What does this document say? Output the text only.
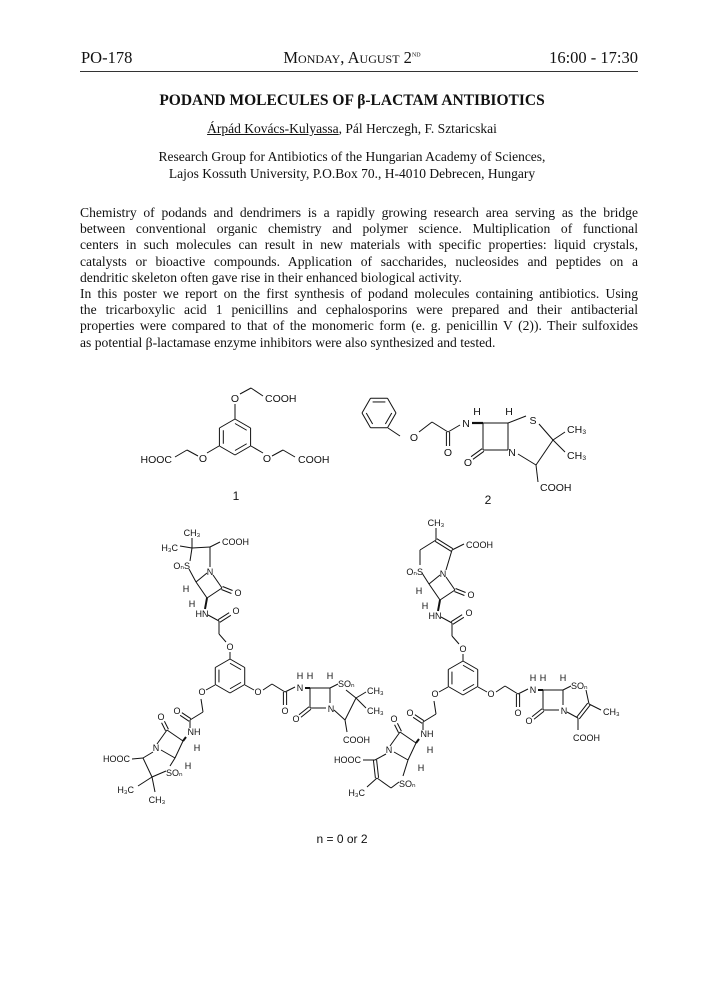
PO-178	Monday, August 2nd	16:00 - 17:30
PODAND MOLECULES OF β-LACTAM ANTIBIOTICS
Árpád Kovács-Kulyassa, Pál Herczegh, F. Sztaricskai
Research Group for Antibiotics of the Hungarian Academy of Sciences,
Lajos Kossuth University, P.O.Box 70., H-4010 Debrecen, Hungary
Chemistry of podands and dendrimers is a rapidly growing research area serving as the bridge
between conventional organic chemistry and polymer science. Multiplication of functional
centers in such molecules can result in new materials with specific properties: liquid crystals,
catalysts or bioactive compounds. Application of saccharides, nucleosides and peptides on a
dendritic skeleton often gave rise in their enhanced biological activity.
In this poster we report on the first synthesis of podand molecules containing antibiotics. Using
the tricarboxylic acid 1 penicillins and cephalosporins were prepared and their antibacterial
properties were compared to that of the monomeric form (e. g. penicillin V (2)). Their sulfoxides
as potential β-lactamase enzyme inhibitors were also synthesized and tested.
O COOH
O
HOOC	O	COOH
1
O
O
N
H H
O
N
S
CH₃
CH₃
COOH
2
O
O
HN
N
O
H
H
O
O
N
H
N
H H
O
O
O
NH
N
O
H
H
OₙS
CH₃
H₃C
COOH
SOₙ
CH₃
CH₃
COOH
HOOC
SOₙ
H₃C
CH₃
O
O
HN
N
O
H
H
O
O
N
H
N
H H
O
O
O
NH
N
O
H
H
OₙS
CH₃
COOH
SOₙ
CH₃
COOH
HOOC
SOₙ
H₃C
n = 0 or 2
